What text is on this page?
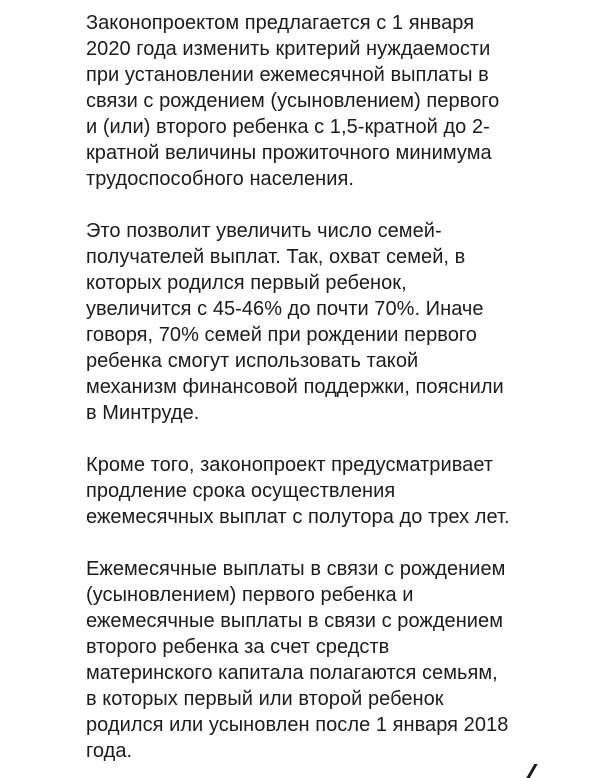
Законопроектом предлагается с 1 января
2020 года изменить критерий нуждаемости
при установлении ежемесячной выплаты в
связи с рождением (усыновлением) первого
и (или) второго ребенка с 1,5-кратной до 2-
кратной величины прожиточного минимума
трудоспособного населения.

Это позволит увеличить число семей-
получателей выплат. Так, охват семей, в
которых родился первый ребенок,
увеличится с 45-46% до почти 70%. Иначе
говоря, 70% семей при рождении первого
ребенка смогут использовать такой
механизм финансовой поддержки, пояснили
в Минтруде.

Кроме того, законопроект предусматривает
продление срока осуществления
ежемесячных выплат с полутора до трех лет.

Ежемесячные выплаты в связи с рождением
(усыновлением) первого ребенка и
ежемесячные выплаты в связи с рождением
второго ребенка за счет средств
материнского капитала полагаются семьям,
в которых первый или второй ребенок
родился или усыновлен после 1 января 2018
года.
